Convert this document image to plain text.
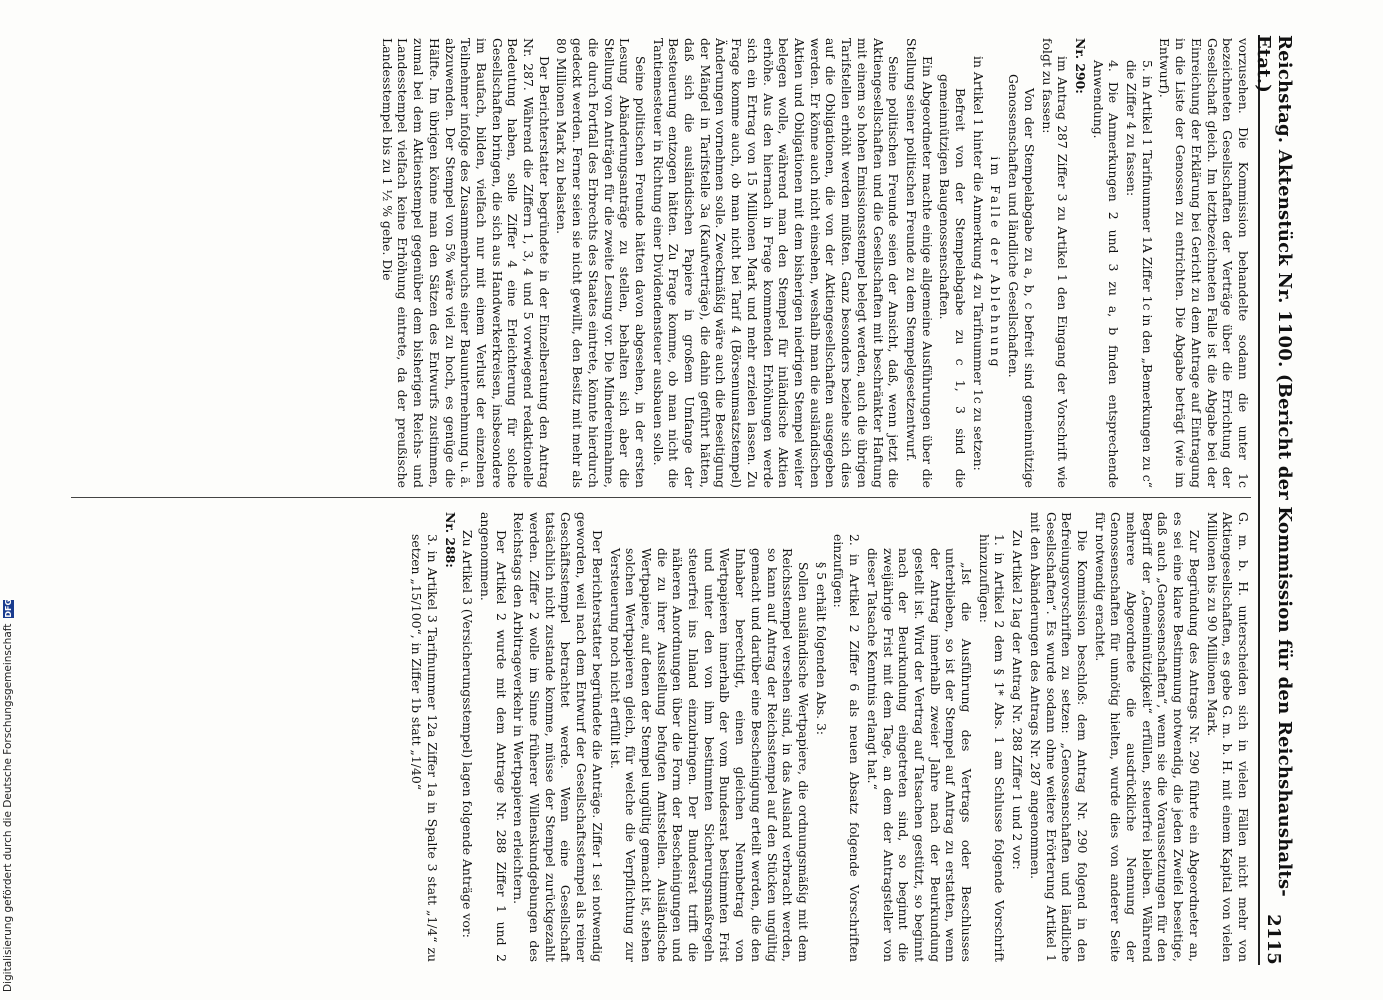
Reichstag. Aktenstück Nr. 1100. (Bericht der Kommission für den Reichshaushalts-Etat.)
2115

vorzusehen. Die Kommission behandelte sodann die unter 1c bezeichneten Gesellschaften der Verträge über die Errichtung der Gesellschaft gleich. Im letztbezeichneten Falle ist die Abgabe bei der Einreichung der Erklärung bei Gericht zu dem Antrage auf Eintragung in die Liste der Genossen zu entrichten. Die Abgabe beträgt (wie im Entwurf).

5. in Artikel 1 Tarifnummer 1A Ziffer 1c in den „Bemerkungen zu c“ die Ziffer 4 zu fassen:

4. Die Anmerkungen 2 und 3 zu a, b finden entsprechende Anwendung.

Nr. 290:

im Antrag 287 Ziffer 3 zu Artikel 1 den Eingang der Vorschrift wie folgt zu fassen:

Von der Stempelabgabe zu a, b, c befreit sind gemeinnützige Genossenschaften und ländliche Gesellschaften.

im Falle der Ablehnung

in Artikel 1 hinter die Anmerkung 4 zu Tarifnummer 1c zu setzen:

Befreit von der Stempelabgabe zu c 1, 3 sind die gemeinnützigen Baugenossenschaften.

Ein Abgeordneter machte einige allgemeine Ausführungen über die Stellung seiner politischen Freunde zu dem Stempelgesetzentwurf.

Seine politischen Freunde seien der Ansicht, daß, wenn jetzt die Aktiengesellschaften und die Gesellschaften mit beschränkter Haftung mit einem so hohen Emissionsstempel belegt werden, auch die übrigen Tarifstellen erhöht werden müßten. Ganz besonders beziehe sich dies auf die Obligationen, die von der Aktiengesellschaften ausgegeben werden. Er könne auch nicht einsehen, weshalb man die ausländischen Aktien und Obligationen mit dem bisherigen niedrigen Stempel weiter belegen wolle, während man den Stempel für inländische Aktien erhöhe. Aus den hiernach in Frage kommenden Erhöhungen werde sich ein Ertrag von 15 Millionen Mark und mehr erzielen lassen. Zu Frage komme auch, ob man nicht bei Tarif 4 (Börsenumsatzstempel) Änderungen vornehmen solle. Zweckmäßig wäre auch die Beseitigung der Mängel in Tarifstelle 3a (Kaufverträge), die dahin geführt hätten, daß sich die ausländischen Papiere in großem Umfange der Besteuerung entzogen hätten. Zu Frage komme, ob man nicht die Tantiemesteuer in Richtung einer Dividendensteuer ausbauen solle.

Seine politischen Freunde hätten davon abgesehen, in der ersten Lesung Abänderungsanträge zu stellen, behalten sich aber die Stellung von Anträgen für die zweite Lesung vor. Die Mindereinnahme, die durch Fortfall des Erbrechts des Staates eintrete, könnte hierdurch gedeckt werden. Ferner seien sie nicht gewillt, den Besitz mit mehr als 80 Millionen Mark zu belasten.

Der Berichterstatter begründete in der Einzelberatung den Antrag Nr. 287. Während die Ziffern 1, 3, 4 und 5 vorwiegend redaktionelle Bedeutung haben, solle Ziffer 4 eine Erleichterung für solche Gesellschaften bringen, die sich aus Handwerkerkreisen, insbesondere im Baufach, bilden, vielfach nur mit einem Verlust der einzelnen Teilnehmer infolge des Zusammenbruchs einer Bauunternehmung u. ä. abzuwenden. Der Stempel von 5% wäre viel zu hoch, es genüge die Hälfte. Im übrigen könne man den Sätzen des Entwurfs zustimmen, zumal bei dem Aktienstempel gegenüber dem bisherigen Reichs- und Landesstempel vielfach keine Erhöhung eintrete, da der preußische Landesstempel bis zu 1 ½ % gehe. Die

G. m. b. H. unterscheiden sich in vielen Fällen nicht mehr von Aktiengesellschaften, es gebe G. m. b. H. mit einem Kapital von vielen Millionen bis zu 90 Millionen Mark.

Zur Begründung des Antrags Nr. 290 führte ein Abgeordneter an, es sei eine klare Bestimmung notwendig, die jeden Zweifel beseitige, daß auch „Genossenschaften“, wenn sie die Voraussetzungen für den Begriff der „Gemeinnützigkeit“ erfüllen, steuerfrei bleiben. Während mehrere Abgeordnete die ausdrückliche Nennung der Genossenschaften für unnötig hielten, wurde dies von anderer Seite für notwendig erachtet.

Die Kommission beschloß: dem Antrag Nr. 290 folgend in den Befreiungsvorschriften zu setzen: „Genossenschaften und ländliche Gesellschaften“. Es wurde sodann ohne weitere Erörterung Artikel 1 mit den Abänderungen des Antrags Nr. 287 angenommen.

Zu Artikel 2 lag der Antrag Nr. 288 Ziffer 1 und 2 vor:

1. in Artikel 2 dem § 1* Abs. 1 am Schlusse folgende Vorschrift hinzuzufügen:

„Ist die Ausführung des Vertrags oder Beschlusses unterblieben, so ist der Stempel auf Antrag zu erstatten, wenn der Antrag innerhalb zweier Jahre nach der Beurkundung gestellt ist. Wird der Vertrag auf Tatsachen gestützt, so beginnt nach der Beurkundung eingetreten sind, so beginnt die zweijährige Frist mit dem Tage, an dem der Antragsteller von dieser Tatsache Kenntnis erlangt hat.“

2. in Artikel 2 Ziffer 6 als neuen Absatz folgende Vorschriften einzufügen:

§ 5 erhält folgenden Abs. 3:

Sollen ausländische Wertpapiere, die ordnungsmäßig mit dem Reichsstempel versehen sind, in das Ausland verbracht werden, so kann auf Antrag der Reichsstempel auf den Stücken ungültig gemacht und darüber eine Bescheinigung erteilt werden, die den Inhaber berechtigt, einen gleichen Nennbetrag von Wertpapieren innerhalb der vom Bundesrat bestimmten Frist und unter den von ihm bestimmten Sicherungsmaßregeln steuerfrei ins Inland einzubringen. Der Bundesrat trifft die näheren Anordnungen über die Form der Bescheinigungen und die zu ihrer Ausstellung befugten Amtsstellen. Ausländische Wertpapiere, auf denen der Stempel ungültig gemacht ist, stehen solchen Wertpapieren gleich, für welche die Verpflichtung zur Versteuerung noch nicht erfüllt ist.

Der Berichterstatter begründete die Anträge. Ziffer 1 sei notwendig geworden, weil nach dem Entwurf der Gesellschaftsstempel als reiner Geschäftsstempel betrachtet werde. Wenn eine Gesellschaft tatsächlich nicht zustande komme, müsse der Stempel zurückgezahlt werden. Ziffer 2 wolle im Sinne früherer Willenskundgebungen des Reichstags den Arbitrageverkehr in Wertpapieren erleichtern.

Der Artikel 2 wurde mit dem Antrage Nr. 288 Ziffer 1 und 2 angenommen.

Zu Artikel 3 (Versicherungsstempel) lagen folgende Anträge vor:

Nr. 288:

3. in Artikel 3 Tarifnummer 12a Ziffer 1a in Spalte 3 statt „1/4“ zu setzen „15/100“, in Ziffer 1b statt „1/40“

Digitalisierung gefördert durch die Deutsche Forschungsgemeinschaft
DFG
